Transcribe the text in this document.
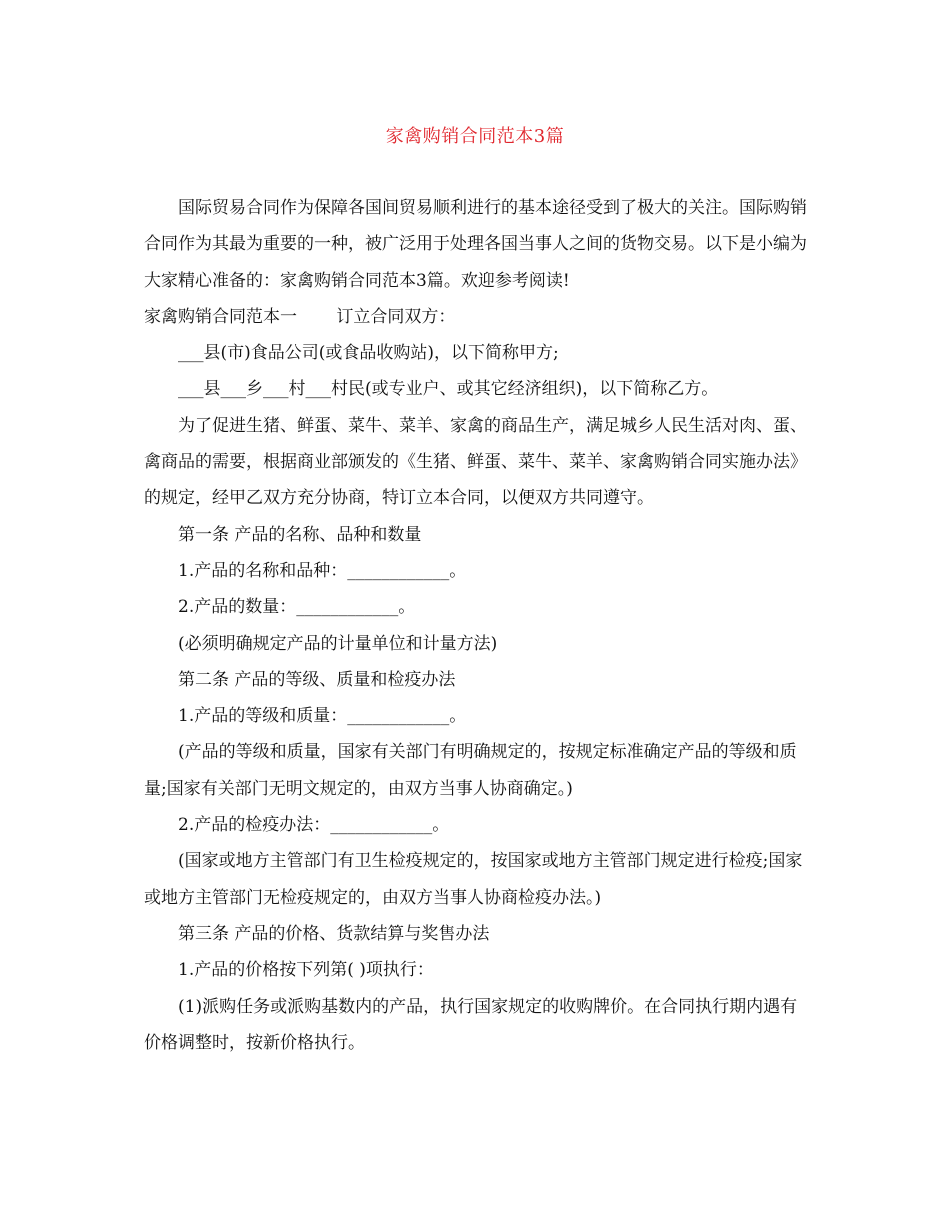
家禽购销合同范本3篇

国际贸易合同作为保障各国间贸易顺利进行的基本途径受到了极大的关注。国际购销合同作为其最为重要的一种，被广泛用于处理各国当事人之间的货物交易。以下是小编为大家精心准备的：家禽购销合同范本3篇。欢迎参考阅读!

家禽购销合同范本一　　 订立合同双方：

___县(市)食品公司(或食品收购站)，以下简称甲方;

___县___乡___村___村民(或专业户、或其它经济组织)，以下简称乙方。

为了促进生猪、鲜蛋、菜牛、菜羊、家禽的商品生产，满足城乡人民生活对肉、蛋、禽商品的需要，根据商业部颁发的《生猪、鲜蛋、菜牛、菜羊、家禽购销合同实施办法》的规定，经甲乙双方充分协商，特订立本合同，以便双方共同遵守。

第一条 产品的名称、品种和数量

1.产品的名称和品种：____________。

2.产品的数量：____________。

(必须明确规定产品的计量单位和计量方法)

第二条 产品的等级、质量和检疫办法

1.产品的等级和质量：____________。

(产品的等级和质量，国家有关部门有明确规定的，按规定标准确定产品的等级和质量;国家有关部门无明文规定的，由双方当事人协商确定。)

2.产品的检疫办法：____________。

(国家或地方主管部门有卫生检疫规定的，按国家或地方主管部门规定进行检疫;国家或地方主管部门无检疫规定的，由双方当事人协商检疫办法。)

第三条 产品的价格、货款结算与奖售办法

1.产品的价格按下列第( )项执行：

(1)派购任务或派购基数内的产品，执行国家规定的收购牌价。在合同执行期内遇有价格调整时，按新价格执行。
